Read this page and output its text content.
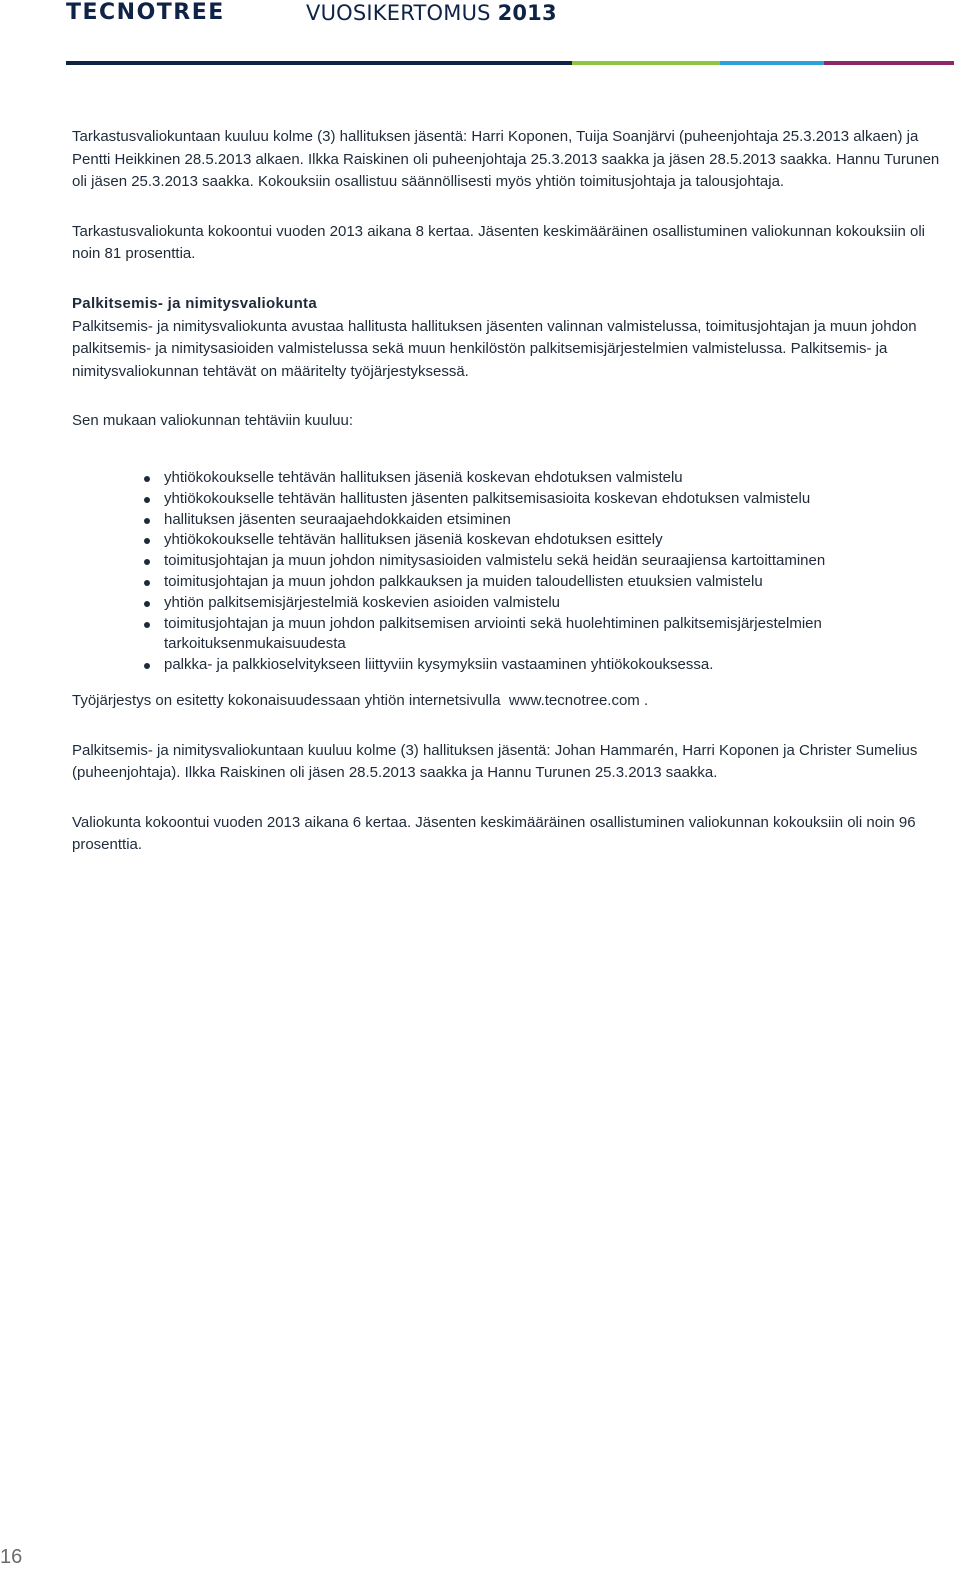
TECNOTREE	VUOSIKERTOMUS 2013

Tarkastusvaliokuntaan kuuluu kolme (3) hallituksen jäsentä: Harri Koponen, Tuija Soanjärvi (puheenjohtaja 25.3.2013 alkaen) ja Pentti Heikkinen 28.5.2013 alkaen. Ilkka Raiskinen oli puheenjohtaja 25.3.2013 saakka ja jäsen 28.5.2013 saakka. Hannu Turunen oli jäsen 25.3.2013 saakka. Kokouksiin osallistuu säännöllisesti myös yhtiön toimitusjohtaja ja talousjohtaja.

Tarkastusvaliokunta kokoontui vuoden 2013 aikana 8 kertaa. Jäsenten keskimääräinen osallistuminen valiokunnan kokouksiin oli noin 81 prosenttia.

Palkitsemis- ja nimitysvaliokunta

Palkitsemis- ja nimitysvaliokunta avustaa hallitusta hallituksen jäsenten valinnan valmistelussa, toimitusjohtajan ja muun johdon palkitsemis- ja nimitysasioiden valmistelussa sekä muun henkilöstön palkitsemisjärjestelmien valmistelussa. Palkitsemis- ja nimitysvaliokunnan tehtävät on määritelty työjärjestyksessä.

Sen mukaan valiokunnan tehtäviin kuuluu:

yhtiökokoukselle tehtävän hallituksen jäseniä koskevan ehdotuksen valmistelu
yhtiökokoukselle tehtävän hallitusten jäsenten palkitsemisasioita koskevan ehdotuksen valmistelu
hallituksen jäsenten seuraajaehdokkaiden etsiminen
yhtiökokoukselle tehtävän hallituksen jäseniä koskevan ehdotuksen esittely
toimitusjohtajan ja muun johdon nimitysasioiden valmistelu sekä heidän seuraajiensa kartoittaminen
toimitusjohtajan ja muun johdon palkkauksen ja muiden taloudellisten etuuksien valmistelu
yhtiön palkitsemisjärjestelmiä koskevien asioiden valmistelu
toimitusjohtajan ja muun johdon palkitsemisen arviointi sekä huolehtiminen palkitsemisjärjestelmien tarkoituksenmukaisuudesta
palkka- ja palkkioselvitykseen liittyviin kysymyksiin vastaaminen yhtiökokouksessa.

Työjärjestys on esitetty kokonaisuudessaan yhtiön internetsivulla www.tecnotree.com .

Palkitsemis- ja nimitysvaliokuntaan kuuluu kolme (3) hallituksen jäsentä: Johan Hammarén, Harri Koponen ja Christer Sumelius (puheenjohtaja). Ilkka Raiskinen oli jäsen 28.5.2013 saakka ja Hannu Turunen 25.3.2013 saakka.

Valiokunta kokoontui vuoden 2013 aikana 6 kertaa. Jäsenten keskimääräinen osallistuminen valiokunnan kokouksiin oli noin 96 prosenttia.

16
